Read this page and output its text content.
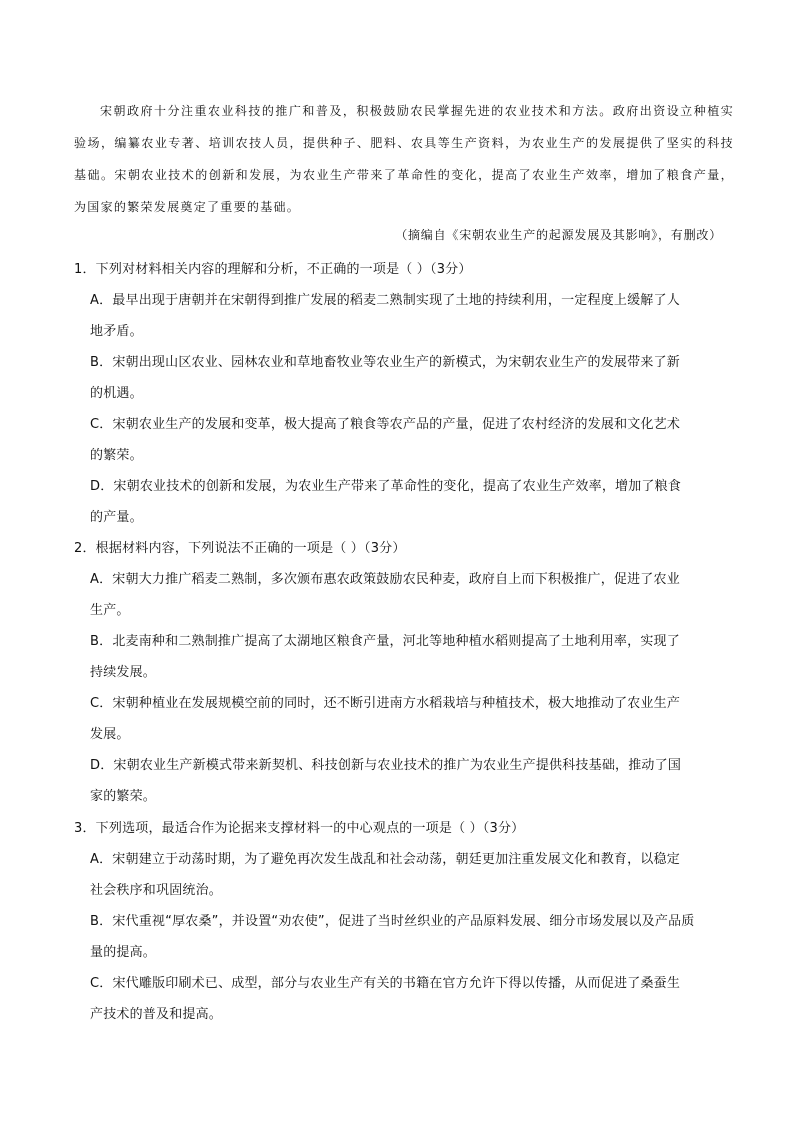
宋朝政府十分注重农业科技的推广和普及，积极鼓励农民掌握先进的农业技术和方法。政府出资设立种植实验场，编纂农业专著、培训农技人员，提供种子、肥料、农具等生产资料，为农业生产的发展提供了坚实的科技基础。宋朝农业技术的创新和发展，为农业生产带来了革命性的变化，提高了农业生产效率，增加了粮食产量，为国家的繁荣发展奠定了重要的基础。
（摘编自《宋朝农业生产的起源发展及其影响》，有删改）
1．下列对材料相关内容的理解和分析，不正确的一项是（ ）（3分）
A．最早出现于唐朝并在宋朝得到推广发展的稻麦二熟制实现了土地的持续利用，一定程度上缓解了人
地矛盾。
B．宋朝出现山区农业、园林农业和草地畜牧业等农业生产的新模式，为宋朝农业生产的发展带来了新
的机遇。
C．宋朝农业生产的发展和变革，极大提高了粮食等农产品的产量，促进了农村经济的发展和文化艺术
的繁荣。
D．宋朝农业技术的创新和发展，为农业生产带来了革命性的变化，提高了农业生产效率，增加了粮食
的产量。
2．根据材料内容，下列说法不正确的一项是（ ）（3分）
A．宋朝大力推广稻麦二熟制，多次颁布惠农政策鼓励农民种麦，政府自上而下积极推广，促进了农业
生产。
B．北麦南种和二熟制推广提高了太湖地区粮食产量，河北等地种植水稻则提高了土地利用率，实现了
持续发展。
C．宋朝种植业在发展规模空前的同时，还不断引进南方水稻栽培与种植技术，极大地推动了农业生产
发展。
D．宋朝农业生产新模式带来新契机、科技创新与农业技术的推广为农业生产提供科技基础，推动了国
家的繁荣。
3．下列选项，最适合作为论据来支撑材料一的中心观点的一项是（ ）（3分）
A．宋朝建立于动荡时期，为了避免再次发生战乱和社会动荡，朝廷更加注重发展文化和教育，以稳定
社会秩序和巩固统治。
B．宋代重视“厚农桑”，并设置“劝农使”，促进了当时丝织业的产品原料发展、细分市场发展以及产品质
量的提高。
C．宋代雕版印刷术已、成型，部分与农业生产有关的书籍在官方允许下得以传播，从而促进了桑蚕生
产技术的普及和提高。
